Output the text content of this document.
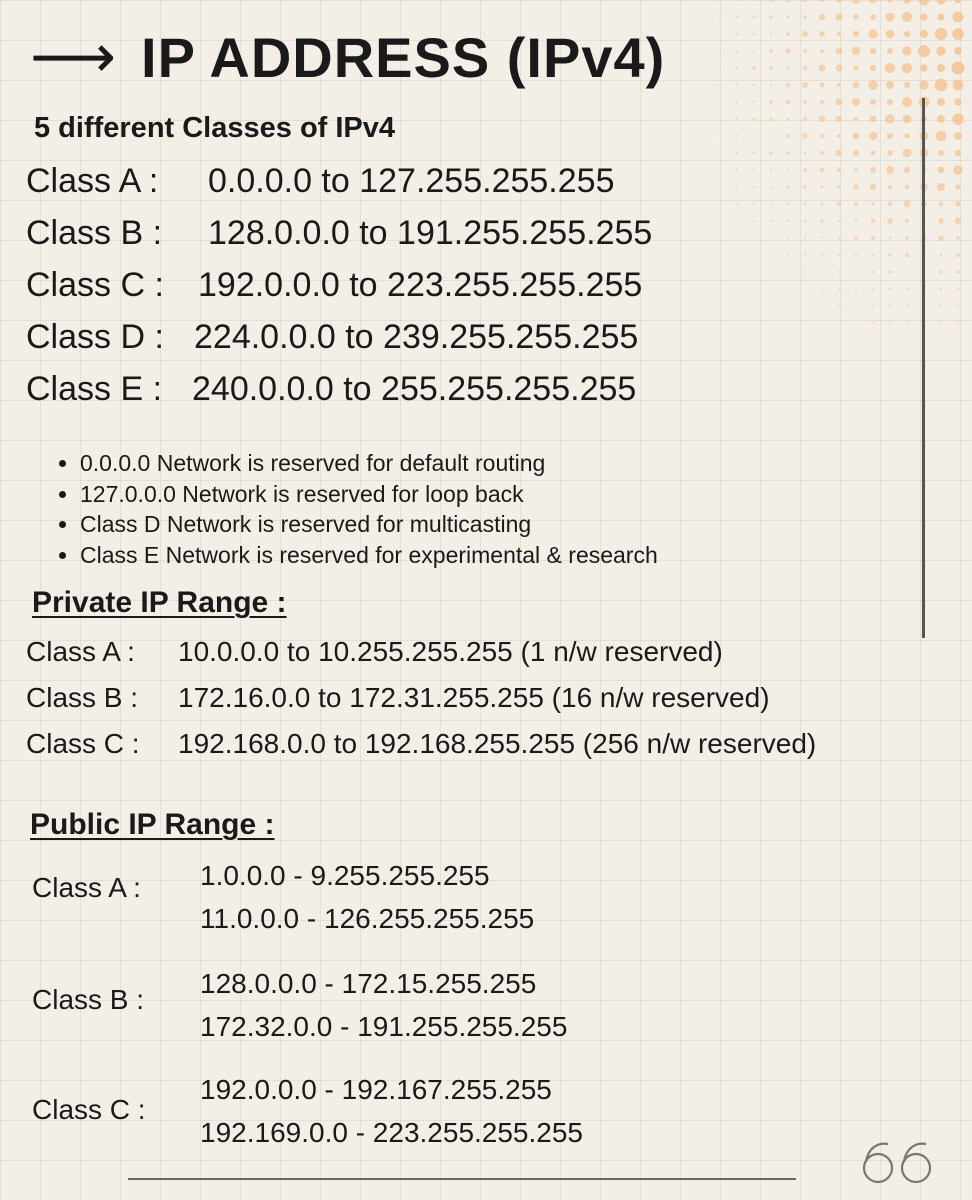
⟶ IP ADDRESS (IPv4)
5 different Classes of IPv4
Class A : 0.0.0.0 to 127.255.255.255
Class B : 128.0.0.0 to 191.255.255.255
Class C : 192.0.0.0 to 223.255.255.255
Class D : 224.0.0.0 to 239.255.255.255
Class E : 240.0.0.0 to 255.255.255.255
• 0.0.0.0 Network is reserved for default routing
• 127.0.0.0 Network is reserved for loop back
• Class D Network is reserved for multicasting
• Class E Network is reserved for experimental & research
Private IP Range :
Class A : 10.0.0.0 to 10.255.255.255 (1 n/w reserved)
Class B : 172.16.0.0 to 172.31.255.255 (16 n/w reserved)
Class C : 192.168.0.0 to 192.168.255.255 (256 n/w reserved)
Public IP Range :
Class A : 1.0.0.0 - 9.255.255.255
11.0.0.0 - 126.255.255.255
Class B :
128.0.0.0 - 172.15.255.255
172.32.0.0 - 191.255.255.255
Class C :
192.0.0.0 - 192.167.255.255
192.169.0.0 - 223.255.255.255
